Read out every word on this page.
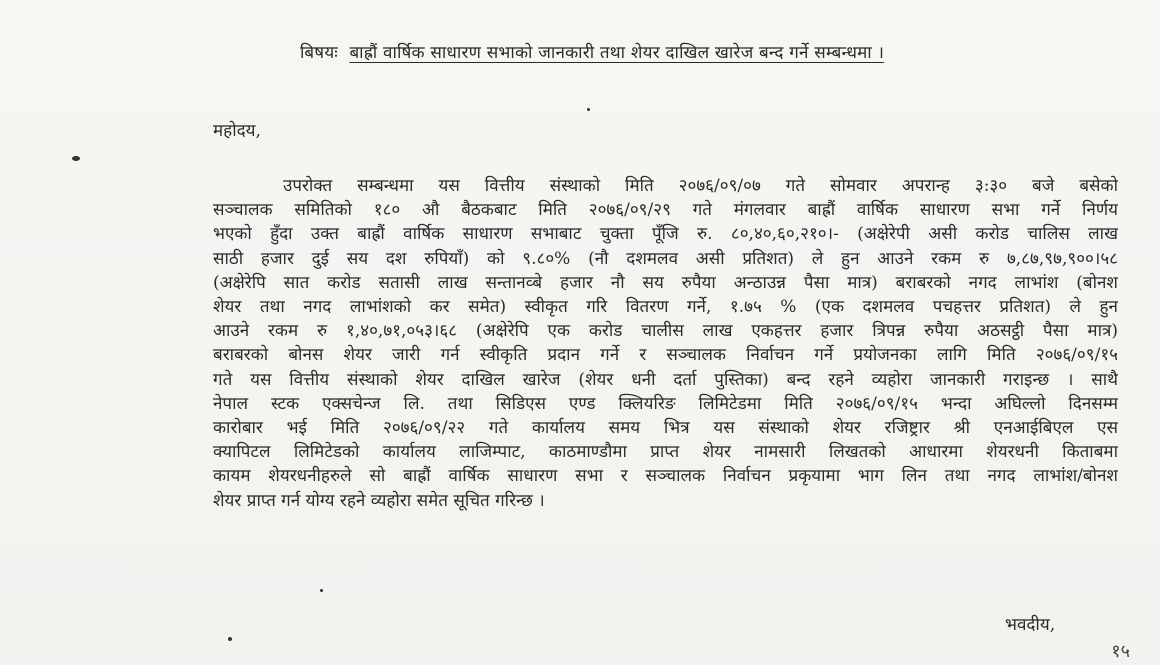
बिषयः बाह्रौं वार्षिक साधारण सभाको जानकारी तथा शेयर दाखिल खारेज बन्द गर्ने सम्बन्धमा ।
महोदय,
उपरोक्त सम्बन्धमा यस वित्तीय संस्थाको मिति २०७६/०९/०७ गते सोमवार अपरान्ह ३:३० बजे बसेको
सञ्चालक समितिको १८० औ बैठकबाट मिति २०७६/०९/२९ गते मंगलवार बाह्रौं वार्षिक साधारण सभा गर्ने निर्णय
भएको हुँदा उक्त बाह्रौं वार्षिक साधारण सभाबाट चुक्ता पूँजि रु. ८०,४०,६०,२१०।- (अक्षेरेपी असी करोड चालिस लाख
साठी हजार दुई सय दश रुपियाँ) को ९.८०% (नौ दशमलव असी प्रतिशत) ले हुन आउने रकम रु ७,८७,९७,९००।५८
(अक्षेरेपि सात करोड सतासी लाख सन्तानव्बे हजार नौ सय रुपैया अन्ठाउन्न पैसा मात्र) बराबरको नगद लाभांश (बोनश
शेयर तथा नगद लाभांशको कर समेत) स्वीकृत गरि वितरण गर्ने, १.७५ % (एक दशमलव पचहत्तर प्रतिशत) ले हुन
आउने रकम रु १,४०,७१,०५३।६८ (अक्षेरेपि एक करोड चालीस लाख एकहत्तर हजार त्रिपन्न रुपैया अठसट्ठी पैसा मात्र)
बराबरको बोनस शेयर जारी गर्न स्वीकृति प्रदान गर्ने र सञ्चालक निर्वाचन गर्ने प्रयोजनका लागि मिति २०७६/०९/१५
गते यस वित्तीय संस्थाको शेयर दाखिल खारेज (शेयर धनी दर्ता पुस्तिका) बन्द रहने व्यहोरा जानकारी गराइन्छ । साथै
नेपाल स्टक एक्सचेन्ज लि. तथा सिडिएस एण्ड क्लियरिङ लिमिटेडमा मिति २०७६/०९/१५ भन्दा अघिल्लो दिनसम्म
कारोबार भई मिति २०७६/०९/२२ गते कार्यालय समय भित्र यस संस्थाको शेयर रजिष्ट्रार श्री एनआईबिएल एस
क्यापिटल लिमिटेडको कार्यालय लाजिम्पाट, काठमाण्डौमा प्राप्त शेयर नामसारी लिखतको आधारमा शेयरधनी किताबमा
कायम शेयरधनीहरुले सो बाह्रौं वार्षिक साधारण सभा र सञ्चालक निर्वाचन प्रकृयामा भाग लिन तथा नगद लाभांश/बोनश
शेयर प्राप्त गर्न योग्य रहने व्यहोरा समेत सूचित गरिन्छ ।
भवदीय,
१५
